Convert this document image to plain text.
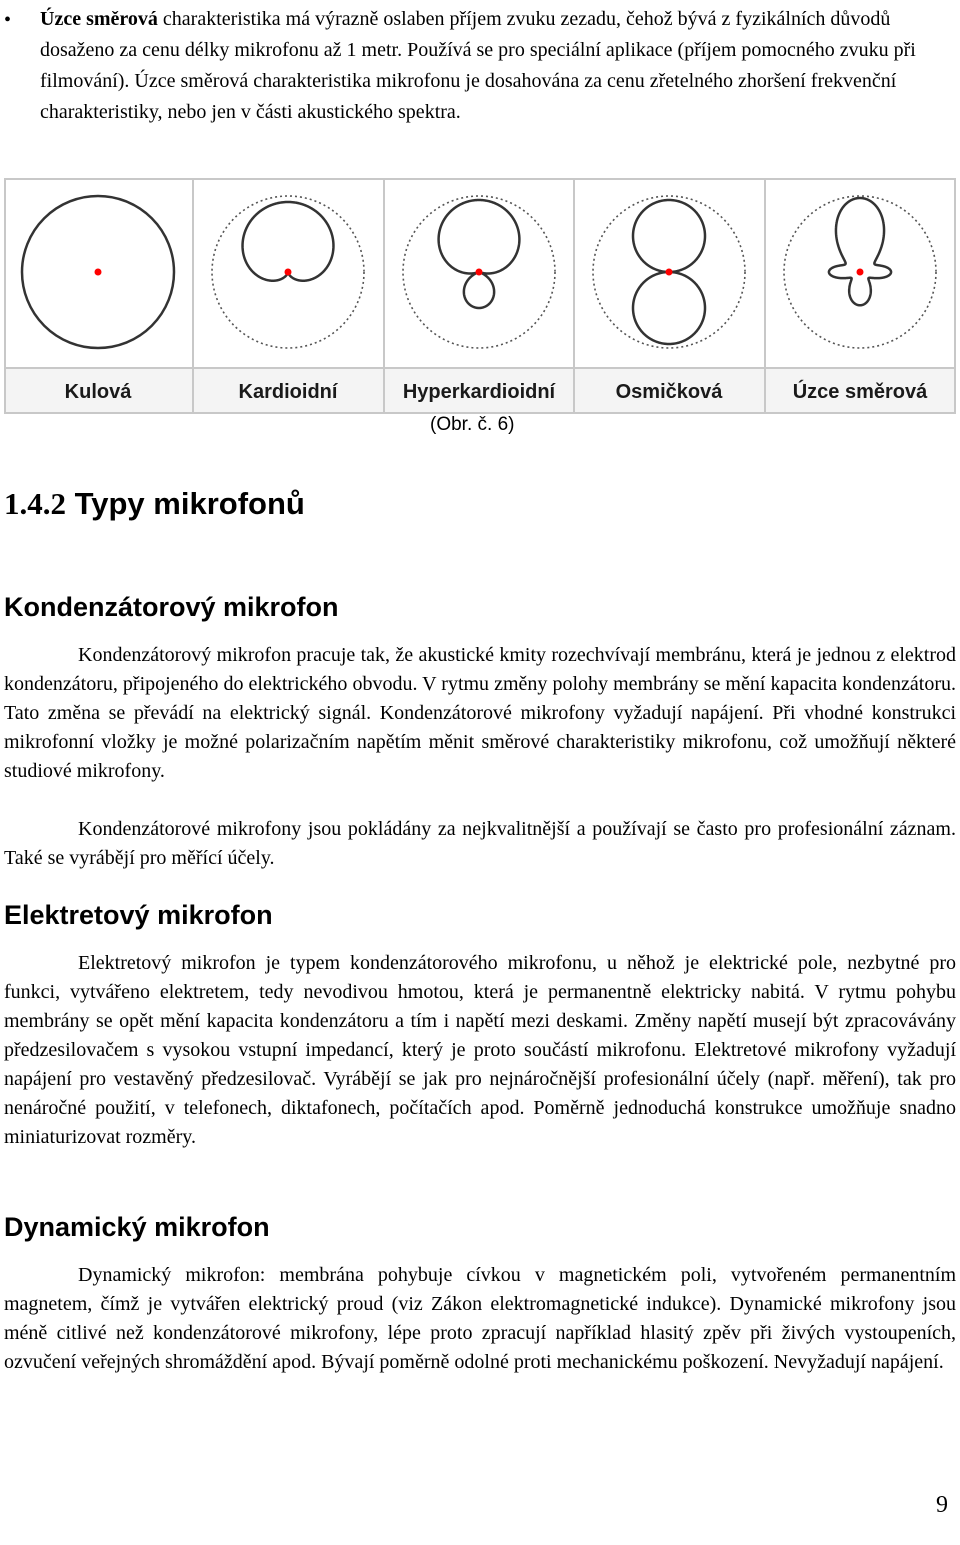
• Úzce směrová charakteristika má výrazně oslaben příjem zvuku zezadu, čehož bývá z fyzikálních důvodů dosaženo za cenu délky mikrofonu až 1 metr. Používá se pro speciální aplikace (příjem pomocného zvuku při filmování). Úzce směrová charakteristika mikrofonu je dosahována za cenu zřetelného zhoršení frekvenční charakteristiky, nebo jen v části akustického spektra.
Kulová	Kardioidní	Hyperkardioidní	Osmičková	Úzce směrová
(Obr. č. 6)
1.4.2 Typy mikrofonů
Kondenzátorový mikrofon
Kondenzátorový mikrofon pracuje tak, že akustické kmity rozechvívají membránu, která je jednou z elektrod kondenzátoru, připojeného do elektrického obvodu. V rytmu změny polohy membrány se mění kapacita kondenzátoru. Tato změna se převádí na elektrický signál. Kondenzátorové mikrofony vyžadují napájení. Při vhodné konstrukci mikrofonní vložky je možné polarizačním napětím měnit směrové charakteristiky mikrofonu, což umožňují některé studiové mikrofony.
Kondenzátorové mikrofony jsou pokládány za nejkvalitnější a používají se často pro profesionální záznam. Také se vyrábějí pro měřící účely.
Elektretový mikrofon
Elektretový mikrofon je typem kondenzátorového mikrofonu, u něhož je elektrické pole, nezbytné pro funkci, vytvářeno elektretem, tedy nevodivou hmotou, která je permanentně elektricky nabitá. V rytmu pohybu membrány se opět mění kapacita kondenzátoru a tím i napětí mezi deskami. Změny napětí musejí být zpracovávány předzesilovačem s vysokou vstupní impedancí, který je proto součástí mikrofonu. Elektretové mikrofony vyžadují napájení pro vestavěný předzesilovač. Vyrábějí se jak pro nejnáročnější profesionální účely (např. měření), tak pro nenáročné použití, v telefonech, diktafonech, počítačích apod. Poměrně jednoduchá konstrukce umožňuje snadno miniaturizovat rozměry.
Dynamický mikrofon
Dynamický mikrofon: membrána pohybuje cívkou v magnetickém poli, vytvořeném permanentním magnetem, čímž je vytvářen elektrický proud (viz Zákon elektromagnetické indukce). Dynamické mikrofony jsou méně citlivé než kondenzátorové mikrofony, lépe proto zpracují například hlasitý zpěv při živých vystoupeních, ozvučení veřejných shromáždění apod. Bývají poměrně odolné proti mechanickému poškození. Nevyžadují napájení.
9
